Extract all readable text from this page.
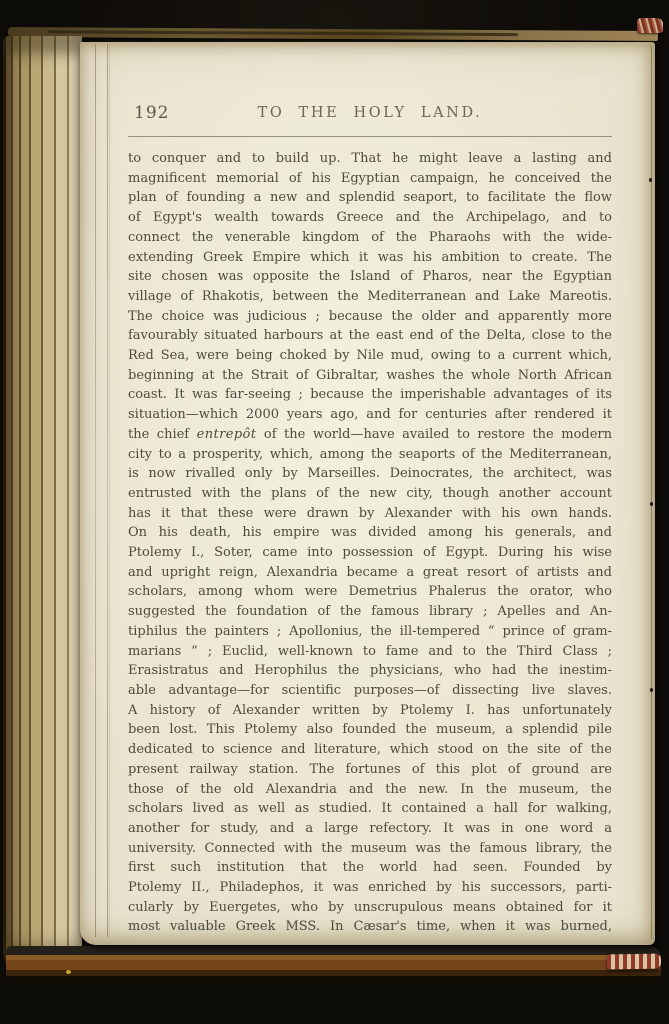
192	TO THE HOLY LAND.
to conquer and to build up. That he might leave a lasting and
magnificent memorial of his Egyptian campaign, he conceived the
plan of founding a new and splendid seaport, to facilitate the flow
of Egypt's wealth towards Greece and the Archipelago, and to
connect the venerable kingdom of the Pharaohs with the wide-
extending Greek Empire which it was his ambition to create. The
site chosen was opposite the Island of Pharos, near the Egyptian
village of Rhakotis, between the Mediterranean and Lake Mareotis.
The choice was judicious ; because the older and apparently more
favourably situated harbours at the east end of the Delta, close to the
Red Sea, were being choked by Nile mud, owing to a current which,
beginning at the Strait of Gibraltar, washes the whole North African
coast. It was far-seeing ; because the imperishable advantages of its
situation—which 2000 years ago, and for centuries after rendered it
the chief entrepôt of the world—have availed to restore the modern
city to a prosperity, which, among the seaports of the Mediterranean,
is now rivalled only by Marseilles. Deinocrates, the architect, was
entrusted with the plans of the new city, though another account
has it that these were drawn by Alexander with his own hands.
On his death, his empire was divided among his generals, and
Ptolemy I., Soter, came into possession of Egypt. During his wise
and upright reign, Alexandria became a great resort of artists and
scholars, among whom were Demetrius Phalerus the orator, who
suggested the foundation of the famous library ; Apelles and An-
tiphilus the painters ; Apollonius, the ill-tempered “ prince of gram-
marians ” ; Euclid, well-known to fame and to the Third Class ;
Erasistratus and Herophilus the physicians, who had the inestim-
able advantage—for scientific purposes—of dissecting live slaves.
A history of Alexander written by Ptolemy I. has unfortunately
been lost. This Ptolemy also founded the museum, a splendid pile
dedicated to science and literature, which stood on the site of the
present railway station. The fortunes of this plot of ground are
those of the old Alexandria and the new. In the museum, the
scholars lived as well as studied. It contained a hall for walking,
another for study, and a large refectory. It was in one word a
university. Connected with the museum was the famous library, the
first such institution that the world had seen. Founded by
Ptolemy II., Philadephos, it was enriched by his successors, parti-
cularly by Euergetes, who by unscrupulous means obtained for it
most valuable Greek MSS. In Cæsar's time, when it was burned,
